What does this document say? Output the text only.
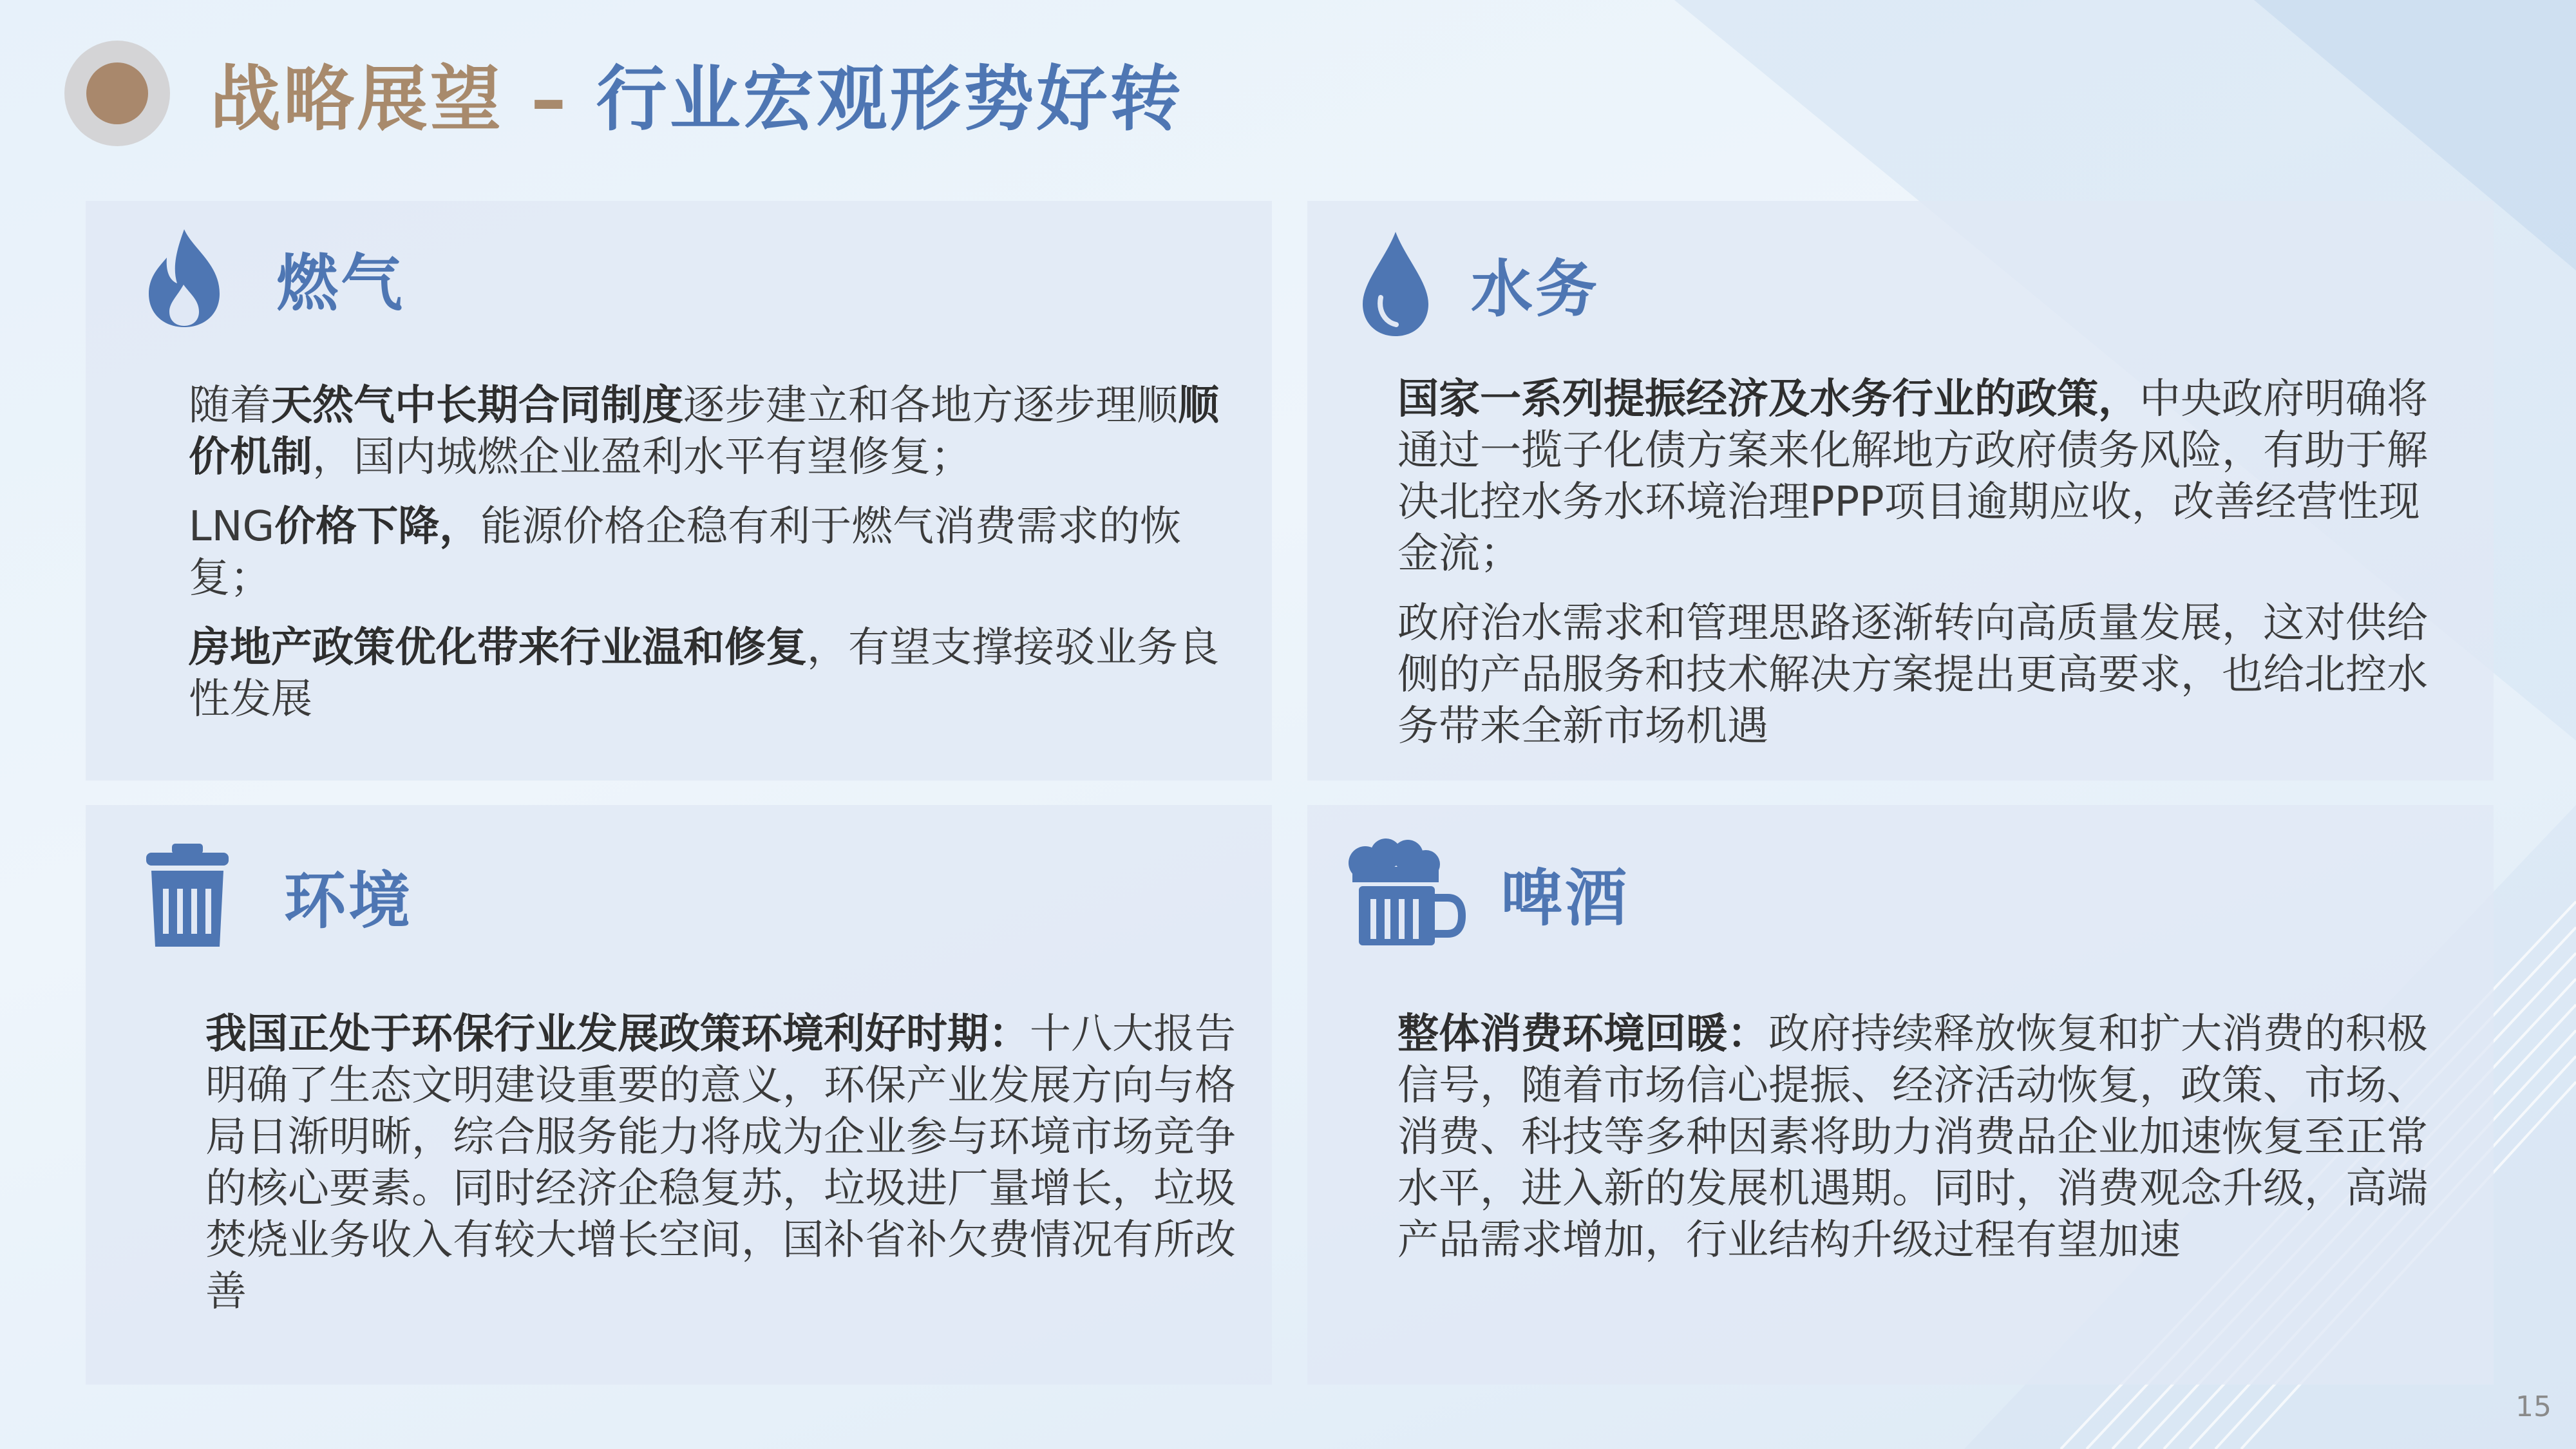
战略展望 – 行业宏观形势好转
燃气

随着天然气中长期合同制度逐步建立和各地方逐步理顺顺价机制，国内城燃企业盈利水平有望修复；

LNG价格下降，能源价格企稳有利于燃气消费需求的恢复；

房地产政策优化带来行业温和修复，有望支撑接驳业务良性发展

水务

国家一系列提振经济及水务行业的政策，中央政府明确将通过一揽子化债方案来化解地方政府债务风险，有助于解决北控水务水环境治理PPP项目逾期应收，改善经营性现金流；

政府治水需求和管理思路逐渐转向高质量发展，这对供给侧的产品服务和技术解决方案提出更高要求，也给北控水务带来全新市场机遇

环境

我国正处于环保行业发展政策环境利好时期：十八大报告明确了生态文明建设重要的意义，环保产业发展方向与格局日渐明晰，综合服务能力将成为企业参与环境市场竞争的核心要素。同时经济企稳复苏，垃圾进厂量增长，垃圾焚烧业务收入有较大增长空间，国补省补欠费情况有所改善

啤酒

整体消费环境回暖：政府持续释放恢复和扩大消费的积极信号，随着市场信心提振、经济活动恢复，政策、市场、消费、科技等多种因素将助力消费品企业加速恢复至正常水平，进入新的发展机遇期。同时，消费观念升级，高端产品需求增加，行业结构升级过程有望加速

15
